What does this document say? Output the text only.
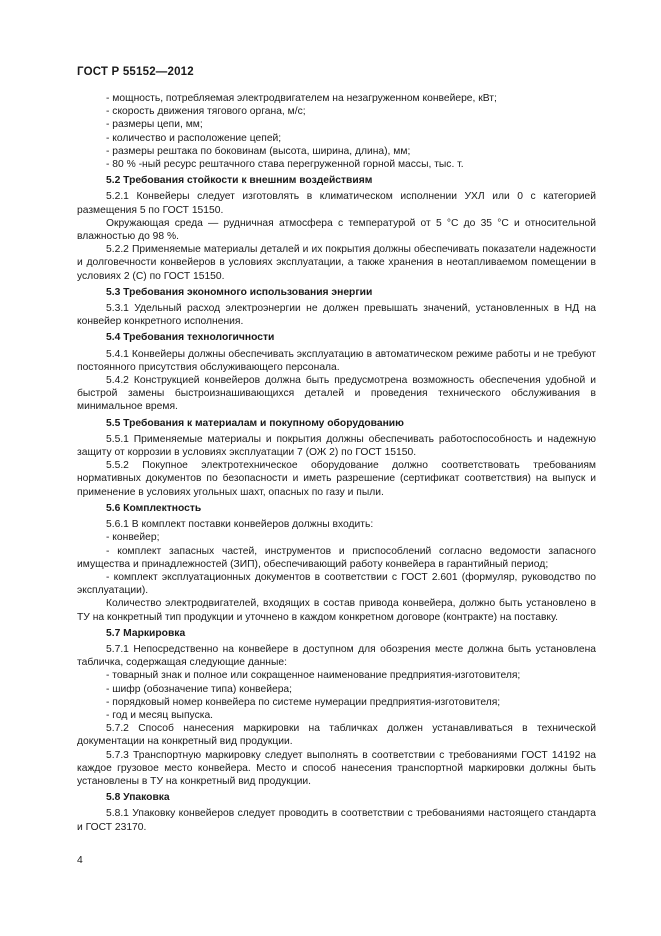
ГОСТ Р 55152—2012

- мощность, потребляемая электродвигателем на незагруженном конвейере, кВт;

- скорость движения тягового органа, м/с;

- размеры цепи, мм;

- количество и расположение цепей;

- размеры рештака по боковинам (высота, ширина, длина), мм;

- 80 % -ный ресурс рештачного става перегруженной горной массы, тыс. т.

5.2 Требования стойкости к внешним воздействиям

5.2.1 Конвейеры следует изготовлять в климатическом исполнении УХЛ или 0 с категорией размещения 5 по ГОСТ 15150.

Окружающая среда — рудничная атмосфера с температурой от 5 °С до 35 °С и относительной влажностью до 98 %.

5.2.2 Применяемые материалы деталей и их покрытия должны обеспечивать показатели надежности и долговечности конвейеров в условиях эксплуатации, а также хранения в неотапливаемом помещении в условиях 2 (С) по ГОСТ 15150.

5.3 Требования экономного использования энергии

5.3.1 Удельный расход электроэнергии не должен превышать значений, установленных в НД на конвейер конкретного исполнения.

5.4 Требования технологичности

5.4.1 Конвейеры должны обеспечивать эксплуатацию в автоматическом режиме работы и не требуют постоянного присутствия обслуживающего персонала.

5.4.2 Конструкцией конвейеров должна быть предусмотрена возможность обеспечения удобной и быстрой замены быстроизнашивающихся деталей и проведения технического обслуживания в минимальное время.

5.5 Требования к материалам и покупному оборудованию

5.5.1 Применяемые материалы и покрытия должны обеспечивать работоспособность и надежную защиту от коррозии в условиях эксплуатации 7 (ОЖ 2) по ГОСТ 15150.

5.5.2 Покупное электротехническое оборудование должно соответствовать требованиям нормативных документов по безопасности и иметь разрешение (сертификат соответствия) на выпуск и применение в условиях угольных шахт, опасных по газу и пыли.

5.6 Комплектность

5.6.1 В комплект поставки конвейеров должны входить:

- конвейер;

- комплект запасных частей, инструментов и приспособлений согласно ведомости запасного имущества и принадлежностей (ЗИП), обеспечивающий работу конвейера в гарантийный период;

- комплект эксплуатационных документов в соответствии с ГОСТ 2.601 (формуляр, руководство по эксплуатации).

Количество электродвигателей, входящих в состав привода конвейера, должно быть установлено в ТУ на конкретный тип продукции и уточнено в каждом конкретном договоре (контракте) на поставку.

5.7 Маркировка

5.7.1 Непосредственно на конвейере в доступном для обозрения месте должна быть установлена табличка, содержащая следующие данные:

- товарный знак и полное или сокращенное наименование предприятия-изготовителя;

- шифр (обозначение типа) конвейера;

- порядковый номер конвейера по системе нумерации предприятия-изготовителя;

- год и месяц выпуска.

5.7.2 Способ нанесения маркировки на табличках должен устанавливаться в технической документации на конкретный вид продукции.

5.7.3 Транспортную маркировку следует выполнять в соответствии с требованиями ГОСТ 14192 на каждое грузовое место конвейера. Место и способ нанесения транспортной маркировки должны быть установлены в ТУ на конкретный вид продукции.

5.8 Упаковка

5.8.1 Упаковку конвейеров следует проводить в соответствии с требованиями настоящего стандарта и ГОСТ 23170.

4
